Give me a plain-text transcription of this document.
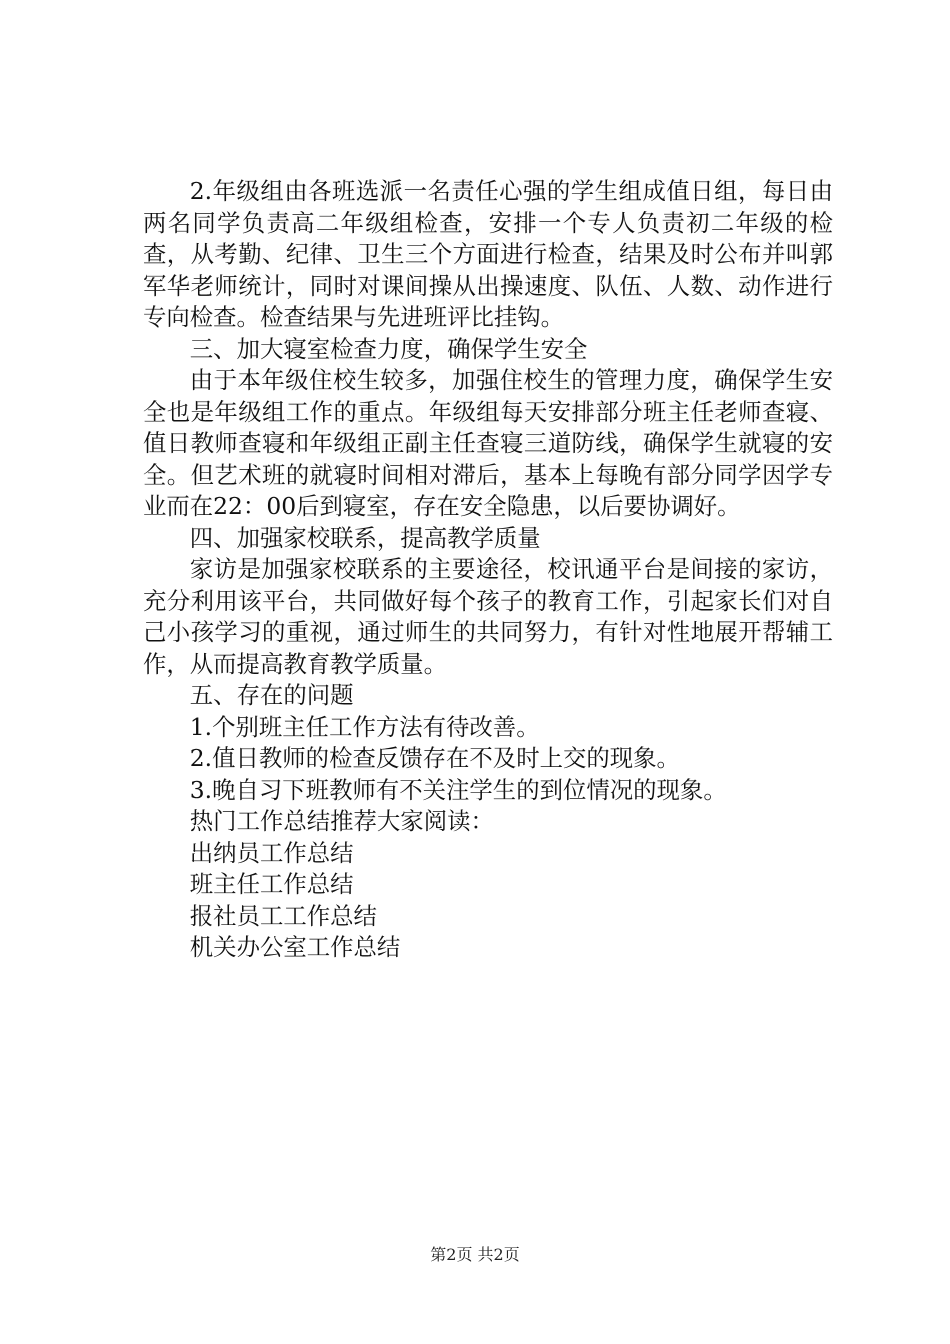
2.年级组由各班选派一名责任心强的学生组成值日组，每日由两名同学负责高二年级组检查，安排一个专人负责初二年级的检查，从考勤、纪律、卫生三个方面进行检查，结果及时公布并叫郭军华老师统计，同时对课间操从出操速度、队伍、人数、动作进行专向检查。检查结果与先进班评比挂钩。

三、加大寝室检查力度，确保学生安全

由于本年级住校生较多，加强住校生的管理力度，确保学生安全也是年级组工作的重点。年级组每天安排部分班主任老师查寝、值日教师查寝和年级组正副主任查寝三道防线，确保学生就寝的安全。但艺术班的就寝时间相对滞后，基本上每晚有部分同学因学专业而在22：00后到寝室，存在安全隐患，以后要协调好。

四、加强家校联系，提高教学质量

家访是加强家校联系的主要途径，校讯通平台是间接的家访，充分利用该平台，共同做好每个孩子的教育工作，引起家长们对自己小孩学习的重视，通过师生的共同努力，有针对性地展开帮辅工作，从而提高教育教学质量。

五、存在的问题

1.个别班主任工作方法有待改善。

2.值日教师的检查反馈存在不及时上交的现象。

3.晚自习下班教师有不关注学生的到位情况的现象。

热门工作总结推荐大家阅读：

出纳员工作总结

班主任工作总结

报社员工工作总结

机关办公室工作总结

第2页 共2页
